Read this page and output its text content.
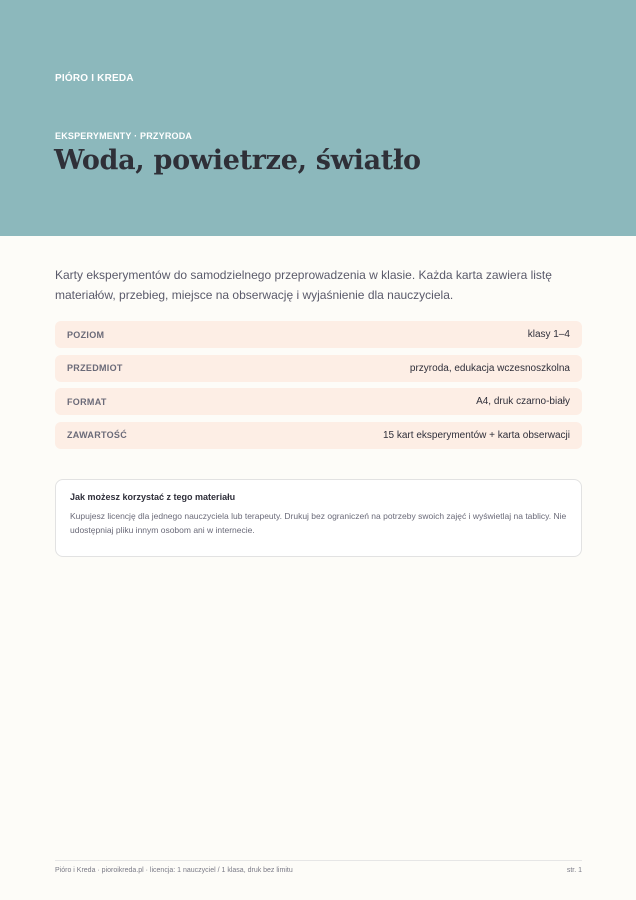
PIÓRO I KREDA
EKSPERYMENTY · PRZYRODA
Woda, powietrze, światło

Karty eksperymentów do samodzielnego przeprowadzenia w klasie. Każda karta zawiera listę materiałów, przebieg, miejsce na obserwację i wyjaśnienie dla nauczyciela.

POZIOM	klasy 1–4
PRZEDMIOT	przyroda, edukacja wczesnoszkolna
FORMAT	A4, druk czarno-biały
ZAWARTOŚĆ	15 kart eksperymentów + karta obserwacji

Jak możesz korzystać z tego materiału

Kupujesz licencję dla jednego nauczyciela lub terapeuty. Drukuj bez ograniczeń na potrzeby swoich zajęć i wyświetlaj na tablicy. Nie udostępniaj pliku innym osobom ani w internecie.

Pióro i Kreda · pioroikreda.pl · licencja: 1 nauczyciel / 1 klasa, druk bez limitu	str. 1
